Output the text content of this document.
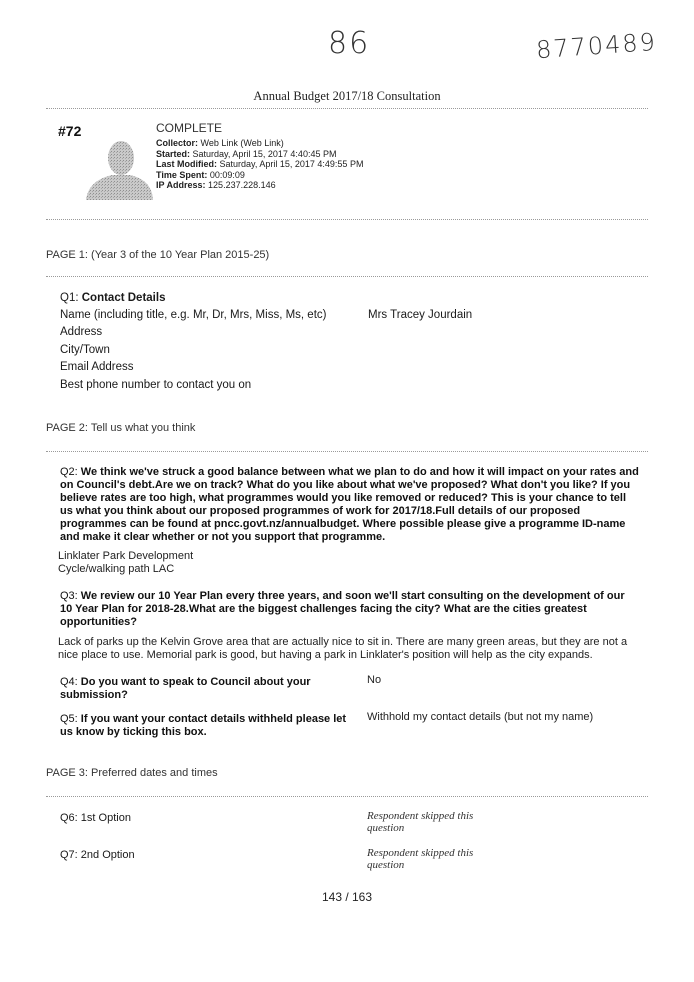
86	8770489
Annual Budget 2017/18 Consultation
#72	COMPLETE
Collector: Web Link (Web Link)
Started: Saturday, April 15, 2017 4:40:45 PM
Last Modified: Saturday, April 15, 2017 4:49:55 PM
Time Spent: 00:09:09
IP Address: 125.237.228.146
PAGE 1: (Year 3 of the 10 Year Plan 2015-25)
Q1: Contact Details
Name (including title, e.g. Mr, Dr, Mrs, Miss, Ms, etc)	Mrs Tracey Jourdain
Address
City/Town
Email Address
Best phone number to contact you on
PAGE 2: Tell us what you think
Q2: We think we've struck a good balance between what we plan to do and how it will impact on your rates and
on Council's debt.Are we on track? What do you like about what we've proposed? What don't you like? If you
believe rates are too high, what programmes would you like removed or reduced? This is your chance to tell
us what you think about our proposed programmes of work for 2017/18.Full details of our proposed
programmes can be found at pncc.govt.nz/annualbudget. Where possible please give a programme ID-name
and make it clear whether or not you support that programme.
Linklater Park Development
Cycle/walking path LAC
Q3: We review our 10 Year Plan every three years, and soon we'll start consulting on the development of our
10 Year Plan for 2018-28.What are the biggest challenges facing the city? What are the cities greatest
opportunities?
Lack of parks up the Kelvin Grove area that are actually nice to sit in. There are many green areas, but they are not a
nice place to use. Memorial park is good, but having a park in Linklater's position will help as the city expands.
Q4: Do you want to speak to Council about your
submission?
No
Q5: If you want your contact details withheld please let
us know by ticking this box.
Withhold my contact details (but not my name)
PAGE 3: Preferred dates and times
Q6: 1st Option	Respondent skipped this
question
Q7: 2nd Option	Respondent skipped this
question
143 / 163
